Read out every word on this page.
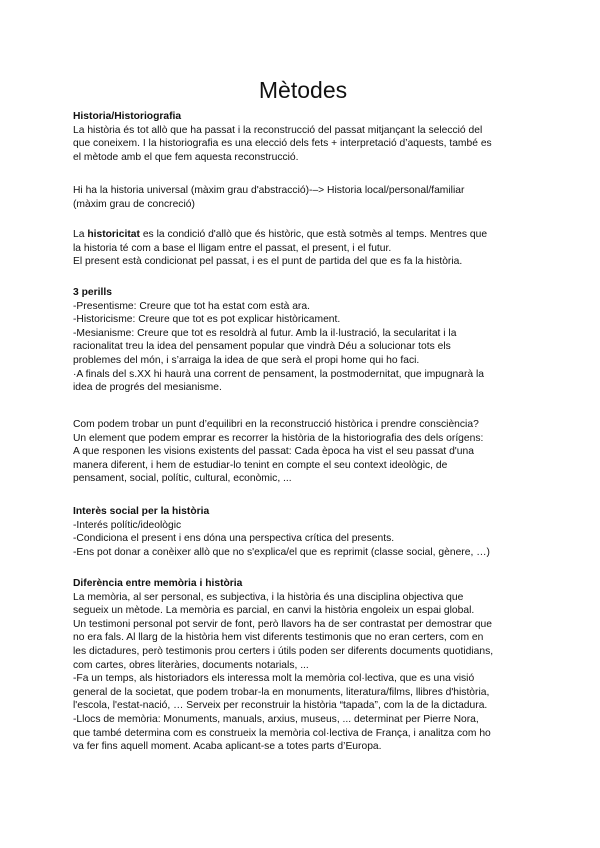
Mètodes
Historia/Historiografia
La història és tot allò que ha passat i la reconstrucció del passat mitjançant la selecció del
que coneixem. I la historiografia es una elecció dels fets + interpretació d’aquests, també es
el mètode amb el que fem aquesta reconstrucció.
Hi ha la historia universal (màxim grau d'abstracció)-–> Historia local/personal/familiar
(màxim grau de concreció)
La historicitat es la condició d'allò que és històric, que està sotmès al temps. Mentres que
la historia té com a base el lligam entre el passat, el present, i el futur.
El present està condicionat pel passat, i es el punt de partida del que es fa la història.
3 perills
-Presentisme: Creure que tot ha estat com està ara.
-Historicisme: Creure que tot es pot explicar històricament.
-Mesianisme: Creure que tot es resoldrà al futur. Amb la il·lustració, la secularitat i la
racionalitat treu la idea del pensament popular que vindrà Déu a solucionar tots els
problemes del món, i s’arraiga la idea de que serà el propi home qui ho faci.
·A finals del s.XX hi haurà una corrent de pensament, la postmodernitat, que impugnarà la
idea de progrés del mesianisme.
Com podem trobar un punt d’equilibri en la reconstrucció històrica i prendre consciència?
Un element que podem emprar es recorrer la història de la historiografia des dels orígens:
A que responen les visions existents del passat: Cada època ha vist el seu passat d'una
manera diferent, i hem de estudiar-lo tenint en compte el seu context ideològic, de
pensament, social, polític, cultural, econòmic, ...
Interès social per la història
-Interés polític/ideològic
-Condiciona el present i ens dóna una perspectiva crítica del presents.
-Ens pot donar a conèixer allò que no s'explica/el que es reprimit (classe social, gènere, …)
Diferència entre memòria i història
La memòria, al ser personal, es subjectiva, i la història és una disciplina objectiva que
segueix un mètode. La memòria es parcial, en canvi la història engoleix un espai global.
Un testimoni personal pot servir de font, però llavors ha de ser contrastat per demostrar que
no era fals. Al llarg de la història hem vist diferents testimonis que no eran certers, com en
les dictadures, però testimonis prou certers i útils poden ser diferents documents quotidians,
com cartes, obres literàries, documents notarials, ...
-Fa un temps, als historiadors els interessa molt la memòria col·lectiva, que es una visió
general de la societat, que podem trobar-la en monuments, literatura/films, llibres d'història,
l'escola, l'estat-nació, … Serveix per reconstruir la història “tapada”, com la de la dictadura.
-Llocs de memòria: Monuments, manuals, arxius, museus, ... determinat per Pierre Nora,
que també determina com es construeix la memòria col·lectiva de França, i analitza com ho
va fer fins aquell moment. Acaba aplicant-se a totes parts d’Europa.
